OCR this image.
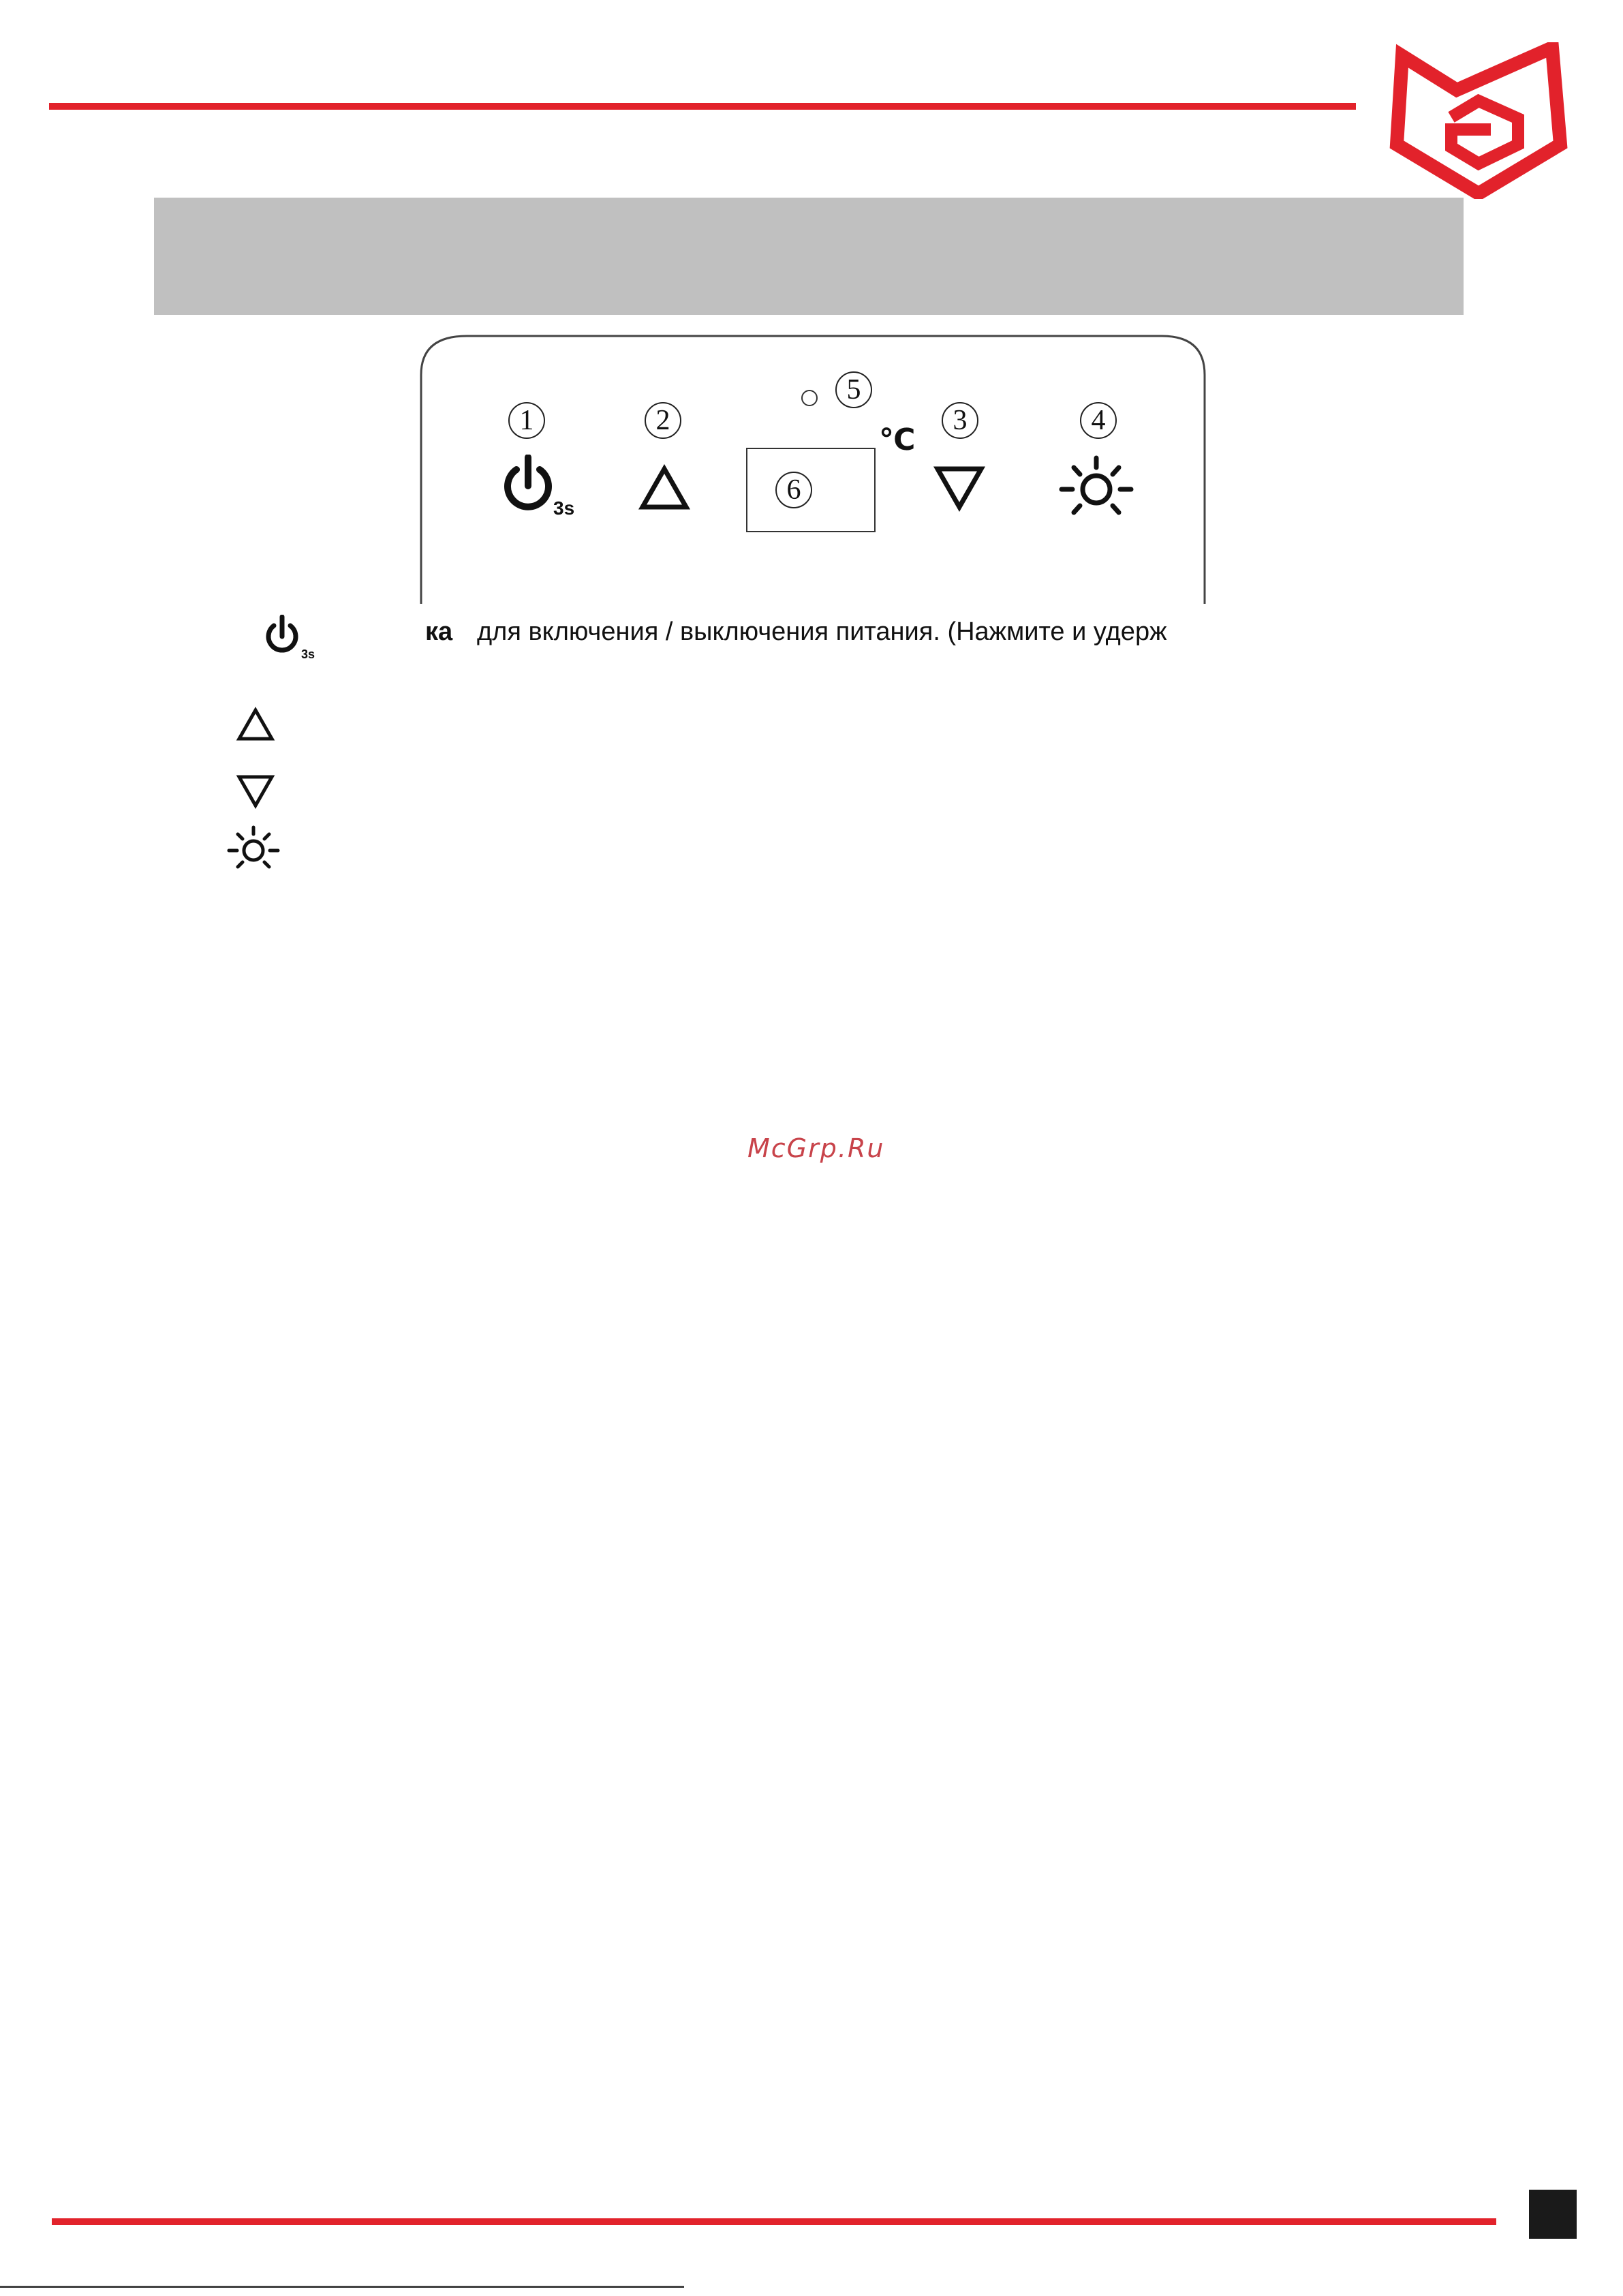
1	2	3	4
5
3s
6
℃
3s
ка для включения / выключения питания. (Нажмите и удерж
McGrp.Ru
